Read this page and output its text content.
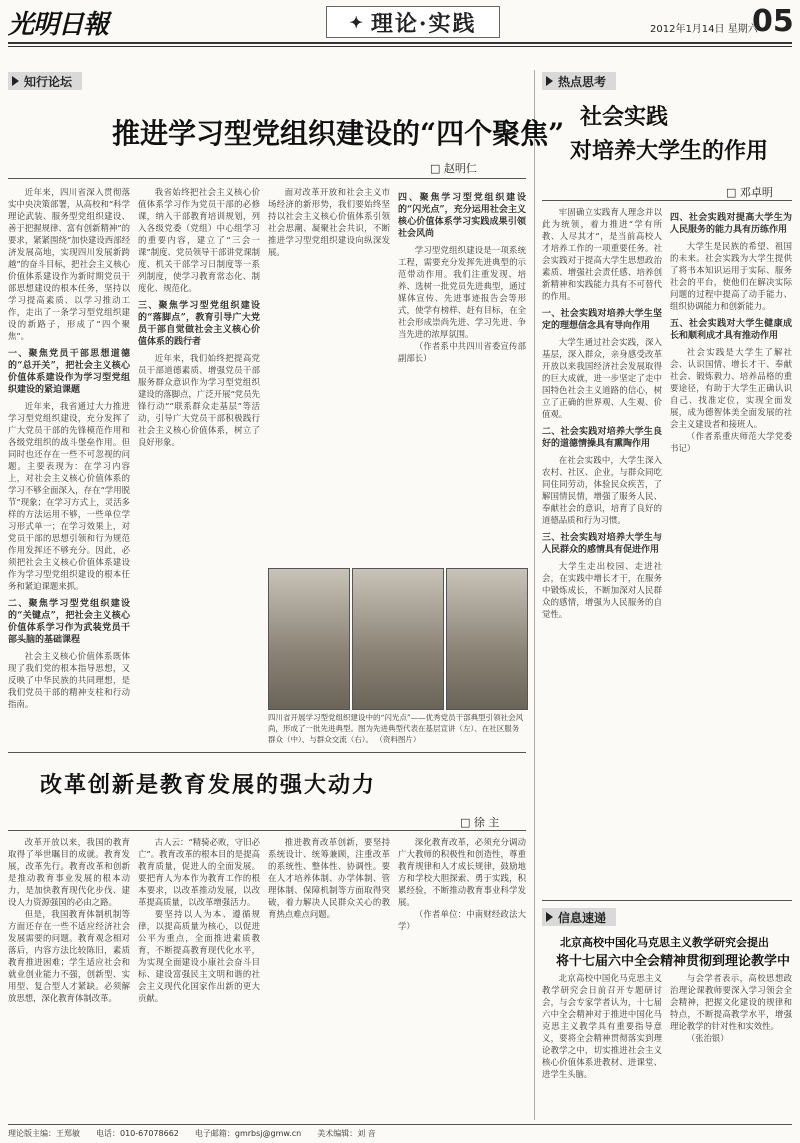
光明日報	✦ 理论·实践	2012年1月14日 星期六
05
知行论坛	热点思考
推进学习型党组织建设的“四个聚焦”
□ 赵明仁

近年来，四川省深入贯彻落实中央决策部署，从高校和“科学理论武装、服务型党组织建设、善于把握规律、富有创新精神”的要求，紧紧围绕“加快建设西部经济发展高地，实现四川发展新跨越”的奋斗目标，把社会主义核心价值体系建设作为新时期党员干部思想建设的根本任务，坚持以学习提高素质、以学习推动工作，走出了一条学习型党组织建设的新路子，形成了“四个聚焦”。

一、聚焦党员干部思想道德的“总开关”，把社会主义核心价值体系建设作为学习型党组织建设的紧迫课题

近年来，我省通过大力推进学习型党组织建设，充分发挥了广大党员干部的先锋模范作用和各级党组织的战斗堡垒作用。但同时也还存在一些不可忽视的问题。主要表现为：在学习内容上，对社会主义核心价值体系的学习不够全面深入，存在“学用脱节”现象；在学习方式上，灵活多样的方法运用不够，一些单位学习形式单一；在学习效果上，对党员干部的思想引领和行为规范作用发挥还不够充分。因此，必须把社会主义核心价值体系建设作为学习型党组织建设的根本任务和紧迫课题来抓。

二、聚焦学习型党组织建设的“关键点”，把社会主义核心价值体系学习作为武装党员干部头脑的基础课程

社会主义核心价值体系既体现了我们党的根本指导思想，又反映了中华民族的共同理想，是我们党员干部的精神支柱和行动指南。

我省始终把社会主义核心价值体系学习作为党员干部的必修课，纳入干部教育培训规划，列入各级党委（党组）中心组学习的重要内容，建立了“三会一课”制度、党员领导干部讲党课制度、机关干部学习日制度等一系列制度，使学习教育常态化、制度化、规范化。

三、聚焦学习型党组织建设的“落脚点”，教育引导广大党员干部自觉做社会主义核心价值体系的践行者

近年来，我们始终把提高党员干部道德素质、增强党员干部服务群众意识作为学习型党组织建设的落脚点，广泛开展“党员先锋行动”“联系群众走基层”等活动，引导广大党员干部积极践行社会主义核心价值体系，树立了良好形象。

面对改革开放和社会主义市场经济的新形势，我们要始终坚持以社会主义核心价值体系引领社会思潮、凝聚社会共识，不断推进学习型党组织建设向纵深发展。

四、聚焦学习型党组织建设的“闪光点”，充分运用社会主义核心价值体系学习实践成果引领社会风尚

学习型党组织建设是一项系统工程，需要充分发挥先进典型的示范带动作用。我们注重发现、培养、选树一批党员先进典型，通过媒体宣传、先进事迹报告会等形式，使学有榜样、赶有目标，在全社会形成崇尚先进、学习先进、争当先进的浓厚氛围。

（作者系中共四川省委宣传部副部长）

四川省开展学习型党组织建设中的“闪光点”——优秀党员干部典型引领社会风尚，形成了一批先进典型。图为先进典型代表在基层宣讲（左）、在社区服务群众（中）、与群众交流（右）。 （资料图片）
改革创新是教育发展的强大动力
□ 徐 主

改革开放以来，我国的教育取得了举世瞩目的成就。教育发展，改革先行。教育改革和创新是推动教育事业发展的根本动力，是加快教育现代化步伐、建设人力资源强国的必由之路。

但是，我国教育体制机制等方面还存在一些不适应经济社会发展需要的问题。教育观念相对落后，内容方法比较陈旧，素质教育推进困难；学生适应社会和就业创业能力不强，创新型、实用型、复合型人才紧缺。必须解放思想，深化教育体制改革。

古人云：“精骑必败，守旧必亡”。教育改革的根本目的是提高教育质量，促进人的全面发展。要把育人为本作为教育工作的根本要求，以改革推动发展，以改革提高质量，以改革增强活力。

要坚持以人为本、遵循规律，以提高质量为核心，以促进公平为重点，全面推进素质教育，不断提高教育现代化水平，为实现全面建设小康社会奋斗目标、建设富强民主文明和谐的社会主义现代化国家作出新的更大贡献。

推进教育改革创新，要坚持系统设计、统筹兼顾，注重改革的系统性、整体性、协调性。要在人才培养体制、办学体制、管理体制、保障机制等方面取得突破，着力解决人民群众关心的教育热点难点问题。

深化教育改革，必须充分调动广大教师的积极性和创造性，尊重教育规律和人才成长规律，鼓励地方和学校大胆探索、勇于实践，积累经验，不断推动教育事业科学发展。

（作者单位：中南财经政法大学）

社会实践
对培养大学生的作用
□ 邓卓明

牢固确立实践育人理念并以此为统领，着力推进“学有所教、人尽其才”，是当前高校人才培养工作的一项重要任务。社会实践对于提高大学生思想政治素质、增强社会责任感、培养创新精神和实践能力具有不可替代的作用。

一、社会实践对培养大学生坚定的理想信念具有导向作用

大学生通过社会实践，深入基层，深入群众，亲身感受改革开放以来我国经济社会发展取得的巨大成就，进一步坚定了走中国特色社会主义道路的信心，树立了正确的世界观、人生观、价值观。

二、社会实践对培养大学生良好的道德情操具有熏陶作用

在社会实践中，大学生深入农村、社区、企业，与群众同吃同住同劳动，体验民众疾苦，了解国情民情，增强了服务人民、奉献社会的意识，培育了良好的道德品质和行为习惯。

三、社会实践对培养大学生与人民群众的感情具有促进作用

大学生走出校园、走进社会，在实践中增长才干，在服务中锻炼成长，不断加深对人民群众的感情，增强为人民服务的自觉性。

四、社会实践对提高大学生为人民服务的能力具有历练作用

大学生是民族的希望、祖国的未来。社会实践为大学生提供了将书本知识运用于实际、服务社会的平台，使他们在解决实际问题的过程中提高了动手能力、组织协调能力和创新能力。

五、社会实践对大学生健康成长和顺利成才具有推动作用

社会实践是大学生了解社会、认识国情、增长才干、奉献社会、锻炼毅力、培养品格的重要途径，有助于大学生正确认识自己、找准定位，实现全面发展，成为德智体美全面发展的社会主义建设者和接班人。

（作者系重庆师范大学党委书记）

信息速递
北京高校中国化马克思主义教学研究会提出
将十七届六中全会精神贯彻到理论教学中

北京高校中国化马克思主义教学研究会日前召开专题研讨会，与会专家学者认为，十七届六中全会精神对于推进中国化马克思主义教学具有重要指导意义，要将全会精神贯彻落实到理论教学之中，切实推进社会主义核心价值体系进教材、进课堂、进学生头脑。

与会学者表示，高校思想政治理论课教师要深入学习领会全会精神，把握文化建设的规律和特点，不断提高教学水平，增强理论教学的针对性和实效性。

（张治银）

理论版主编：王郑敏 电话：010-67078662 电子邮箱：gmrbsj@gmw.cn 美术编辑：刘 音
